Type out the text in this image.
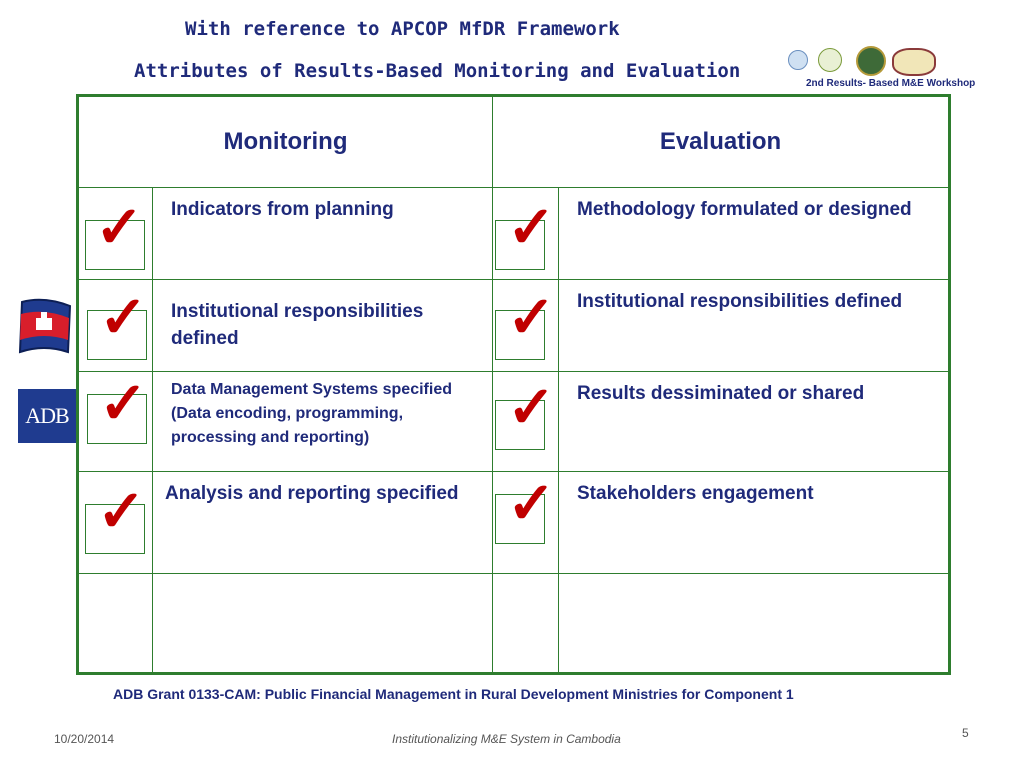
With reference to APCOP MfDR Framework
Attributes of Results-Based Monitoring and Evaluation
2nd Results- Based M&E Workshop
ADB
Monitoring		Evaluation	

✓	Indicators from planning	✓	Methodology formulated or designed

✓	Institutional responsibilities defined	✓	Institutional responsibilities defined

✓	Data Management Systems specified (Data encoding, programming, processing and reporting)	✓	Results dessiminated or shared

✓	Analysis and reporting specified	✓	Stakeholders engagement

ADB Grant 0133-CAM: Public Financial Management in Rural Development Ministries for Component 1
10/20/2014	Institutionalizing M&E System in Cambodia	5
